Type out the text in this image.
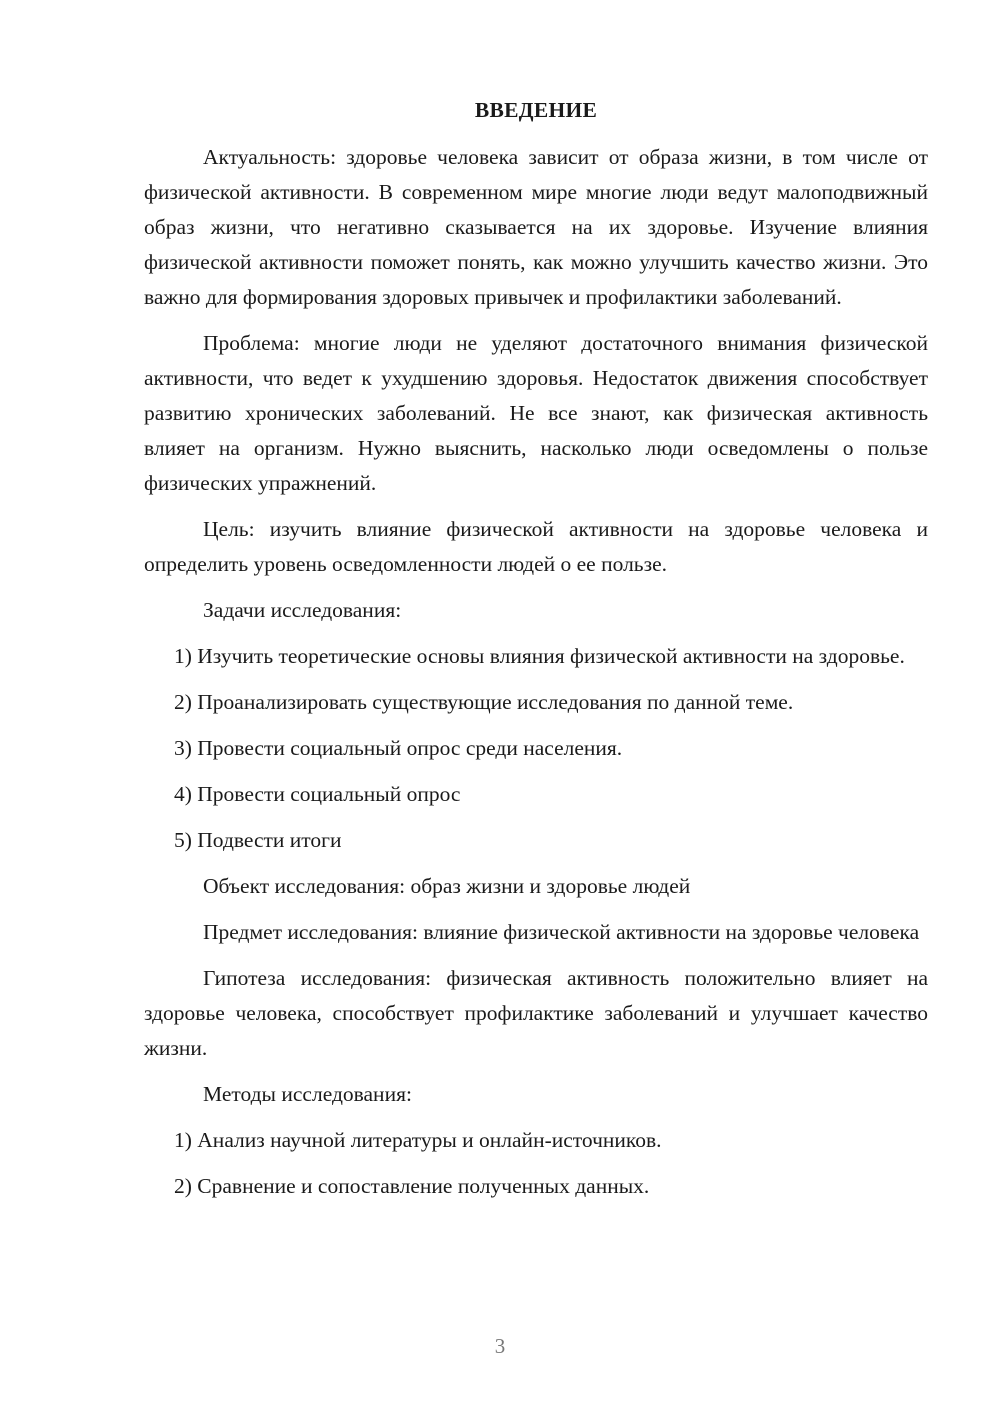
ВВЕДЕНИЕ

Актуальность: здоровье человека зависит от образа жизни, в том числе от физической активности. В современном мире многие люди ведут малоподвижный образ жизни, что негативно сказывается на их здоровье. Изучение влияния физической активности поможет понять, как можно улучшить качество жизни. Это важно для формирования здоровых привычек и профилактики заболеваний.

Проблема: многие люди не уделяют достаточного внимания физической активности, что ведет к ухудшению здоровья. Недостаток движения способствует развитию хронических заболеваний. Не все знают, как физическая активность влияет на организм. Нужно выяснить, насколько люди осведомлены о пользе физических упражнений.

Цель: изучить влияние физической активности на здоровье человека и определить уровень осведомленности людей о ее пользе.

Задачи исследования:

1) Изучить теоретические основы влияния физической активности на здоровье.

2) Проанализировать существующие исследования по данной теме.

3) Провести социальный опрос среди населения.

4) Провести социальный опрос

5) Подвести итоги

Объект исследования: образ жизни и здоровье людей

Предмет исследования: влияние физической активности на здоровье человека

Гипотеза исследования: физическая активность положительно влияет на здоровье человека, способствует профилактике заболеваний и улучшает качество жизни.

Методы исследования:

1) Анализ научной литературы и онлайн-источников.

2) Сравнение и сопоставление полученных данных.

3
